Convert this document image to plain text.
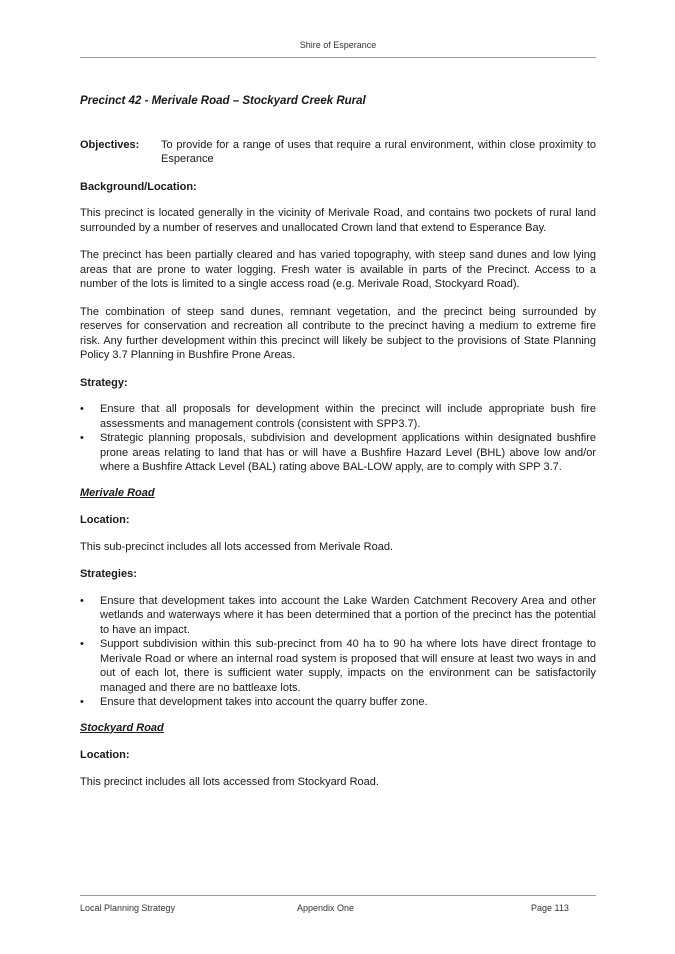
Shire of Esperance

Precinct 42 - Merivale Road – Stockyard Creek Rural

Objectives:	To provide for a range of uses that require a rural environment, within close proximity to Esperance

Background/Location:

This precinct is located generally in the vicinity of Merivale Road, and contains two pockets of rural land surrounded by a number of reserves and unallocated Crown land that extend to Esperance Bay.

The precinct has been partially cleared and has varied topography, with steep sand dunes and low lying areas that are prone to water logging. Fresh water is available in parts of the Precinct. Access to a number of the lots is limited to a single access road (e.g. Merivale Road, Stockyard Road).

The combination of steep sand dunes, remnant vegetation, and the precinct being surrounded by reserves for conservation and recreation all contribute to the precinct having a medium to extreme fire risk. Any further development within this precinct will likely be subject to the provisions of State Planning Policy 3.7 Planning in Bushfire Prone Areas.

Strategy:

• Ensure that all proposals for development within the precinct will include appropriate bush fire assessments and management controls (consistent with SPP3.7).
• Strategic planning proposals, subdivision and development applications within designated bushfire prone areas relating to land that has or will have a Bushfire Hazard Level (BHL) above low and/or where a Bushfire Attack Level (BAL) rating above BAL-LOW apply, are to comply with SPP 3.7.

Merivale Road

Location:

This sub-precinct includes all lots accessed from Merivale Road.

Strategies:

• Ensure that development takes into account the Lake Warden Catchment Recovery Area and other wetlands and waterways where it has been determined that a portion of the precinct has the potential to have an impact.
• Support subdivision within this sub-precinct from 40 ha to 90 ha where lots have direct frontage to Merivale Road or where an internal road system is proposed that will ensure at least two ways in and out of each lot, there is sufficient water supply, impacts on the environment can be satisfactorily managed and there are no battleaxe lots.
• Ensure that development takes into account the quarry buffer zone.

Stockyard Road

Location:

This precinct includes all lots accessed from Stockyard Road.

Local Planning Strategy	Appendix One	Page 113
